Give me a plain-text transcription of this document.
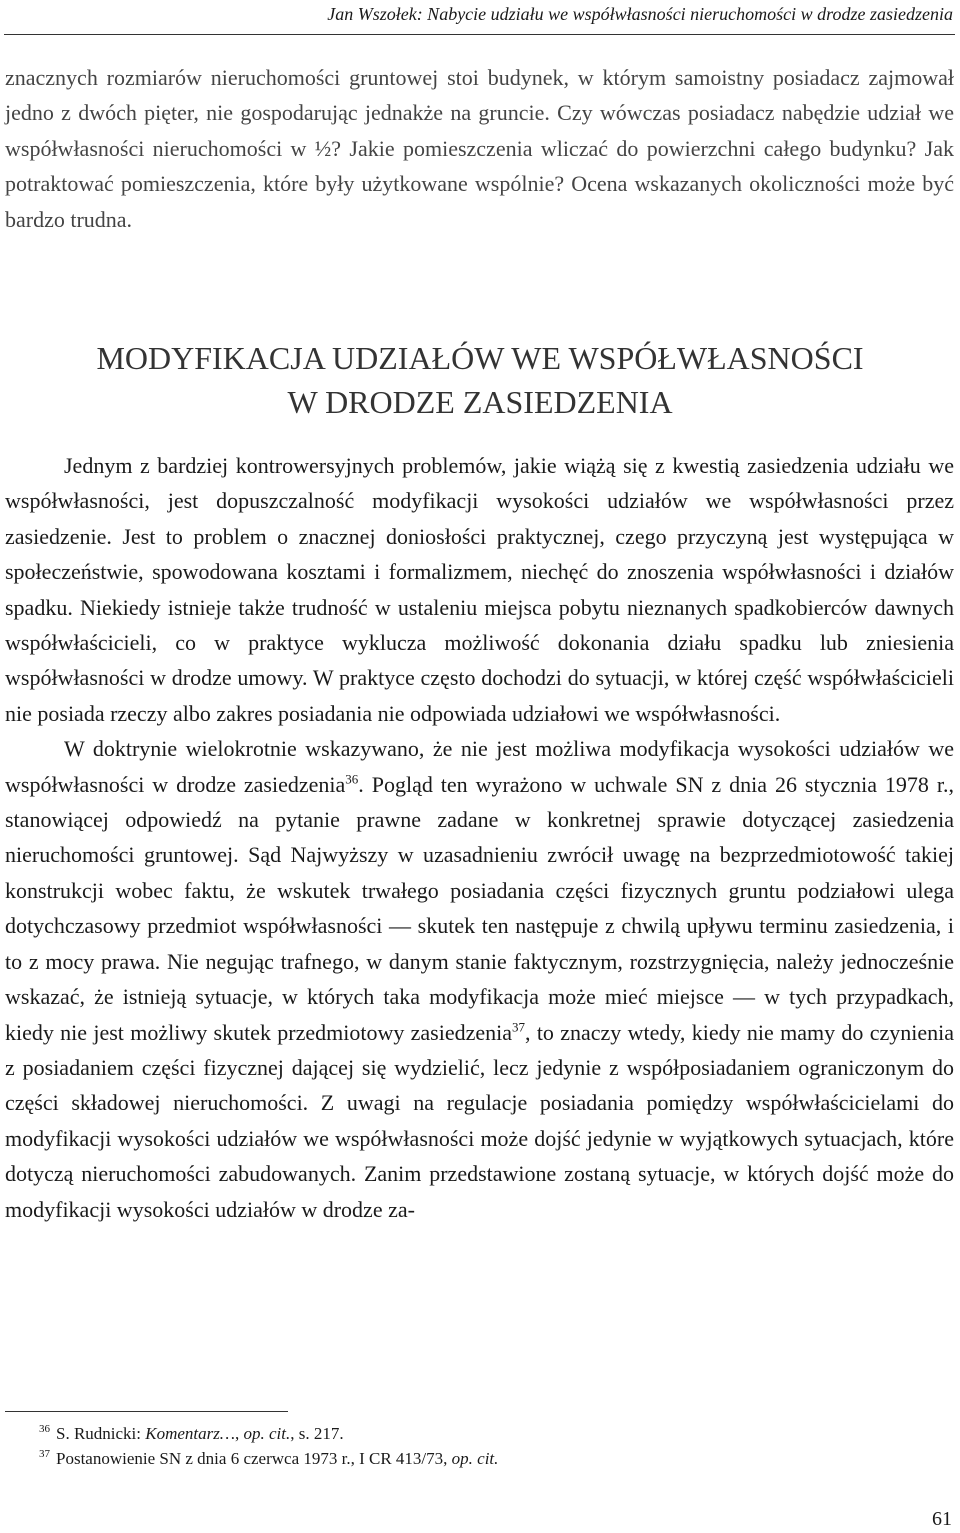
Jan Wszołek: Nabycie udziału we współwłasności nieruchomości w drodze zasiedzenia

znacznych rozmiarów nieruchomości gruntowej stoi budynek, w którym samoistny posiadacz zajmował jedno z dwóch pięter, nie gospodarując jednakże na gruncie. Czy wówczas posiadacz nabędzie udział we współwłasności nieruchomości w ½? Jakie pomieszczenia wliczać do powierzchni całego budynku? Jak potraktować pomieszczenia, które były użytkowane wspólnie? Ocena wskazanych okoliczności może być bardzo trudna.

MODYFIKACJA UDZIAŁÓW WE WSPÓŁWŁASNOŚCI
W DRODZE ZASIEDZENIA

Jednym z bardziej kontrowersyjnych problemów, jakie wiążą się z kwestią zasiedzenia udziału we współwłasności, jest dopuszczalność modyfikacji wysokości udziałów we współwłasności przez zasiedzenie. Jest to problem o znacznej doniosłości praktycznej, czego przyczyną jest występująca w społeczeństwie, spowodowana kosztami i formalizmem, niechęć do znoszenia współwłasności i działów spadku. Niekiedy istnieje także trudność w ustaleniu miejsca pobytu nieznanych spadkobierców dawnych współwłaścicieli, co w praktyce wyklucza możliwość dokonania działu spadku lub zniesienia współwłasności w drodze umowy. W praktyce często dochodzi do sytuacji, w której część współwłaścicieli nie posiada rzeczy albo zakres posiadania nie odpowiada udziałowi we współwłasności.

W doktrynie wielokrotnie wskazywano, że nie jest możliwa modyfikacja wysokości udziałów we współwłasności w drodze zasiedzenia$^{36}$. Pogląd ten wyrażono w uchwale SN z dnia 26 stycznia 1978 r., stanowiącej odpowiedź na pytanie prawne zadane w konkretnej sprawie dotyczącej zasiedzenia nieruchomości gruntowej. Sąd Najwyższy w uzasadnieniu zwrócił uwagę na bezprzedmiotowość takiej konstrukcji wobec faktu, że wskutek trwałego posiadania części fizycznych gruntu podziałowi ulega dotychczasowy przedmiot współwłasności — skutek ten następuje z chwilą upływu terminu zasiedzenia, i to z mocy prawa. Nie negując trafnego, w danym stanie faktycznym, rozstrzygnięcia, należy jednocześnie wskazać, że istnieją sytuacje, w których taka modyfikacja może mieć miejsce — w tych przypadkach, kiedy nie jest możliwy skutek przedmiotowy zasiedzenia$^{37}$, to znaczy wtedy, kiedy nie mamy do czynienia z posiadaniem części fizycznej dającej się wydzielić, lecz jedynie z współposiadaniem ograniczonym do części składowej nieruchomości. Z uwagi na regulacje posiadania pomiędzy współwłaścicielami do modyfikacji wysokości udziałów we współwłasności może dojść jedynie w wyjątkowych sytuacjach, które dotyczą nieruchomości zabudowanych. Zanim przedstawione zostaną sytuacje, w których dojść może do modyfikacji wysokości udziałów w drodze za-

$^{36}$ S. Rudnicki: Komentarz…, op. cit., s. 217.
$^{37}$ Postanowienie SN z dnia 6 czerwca 1973 r., I CR 413/73, op. cit.
61
